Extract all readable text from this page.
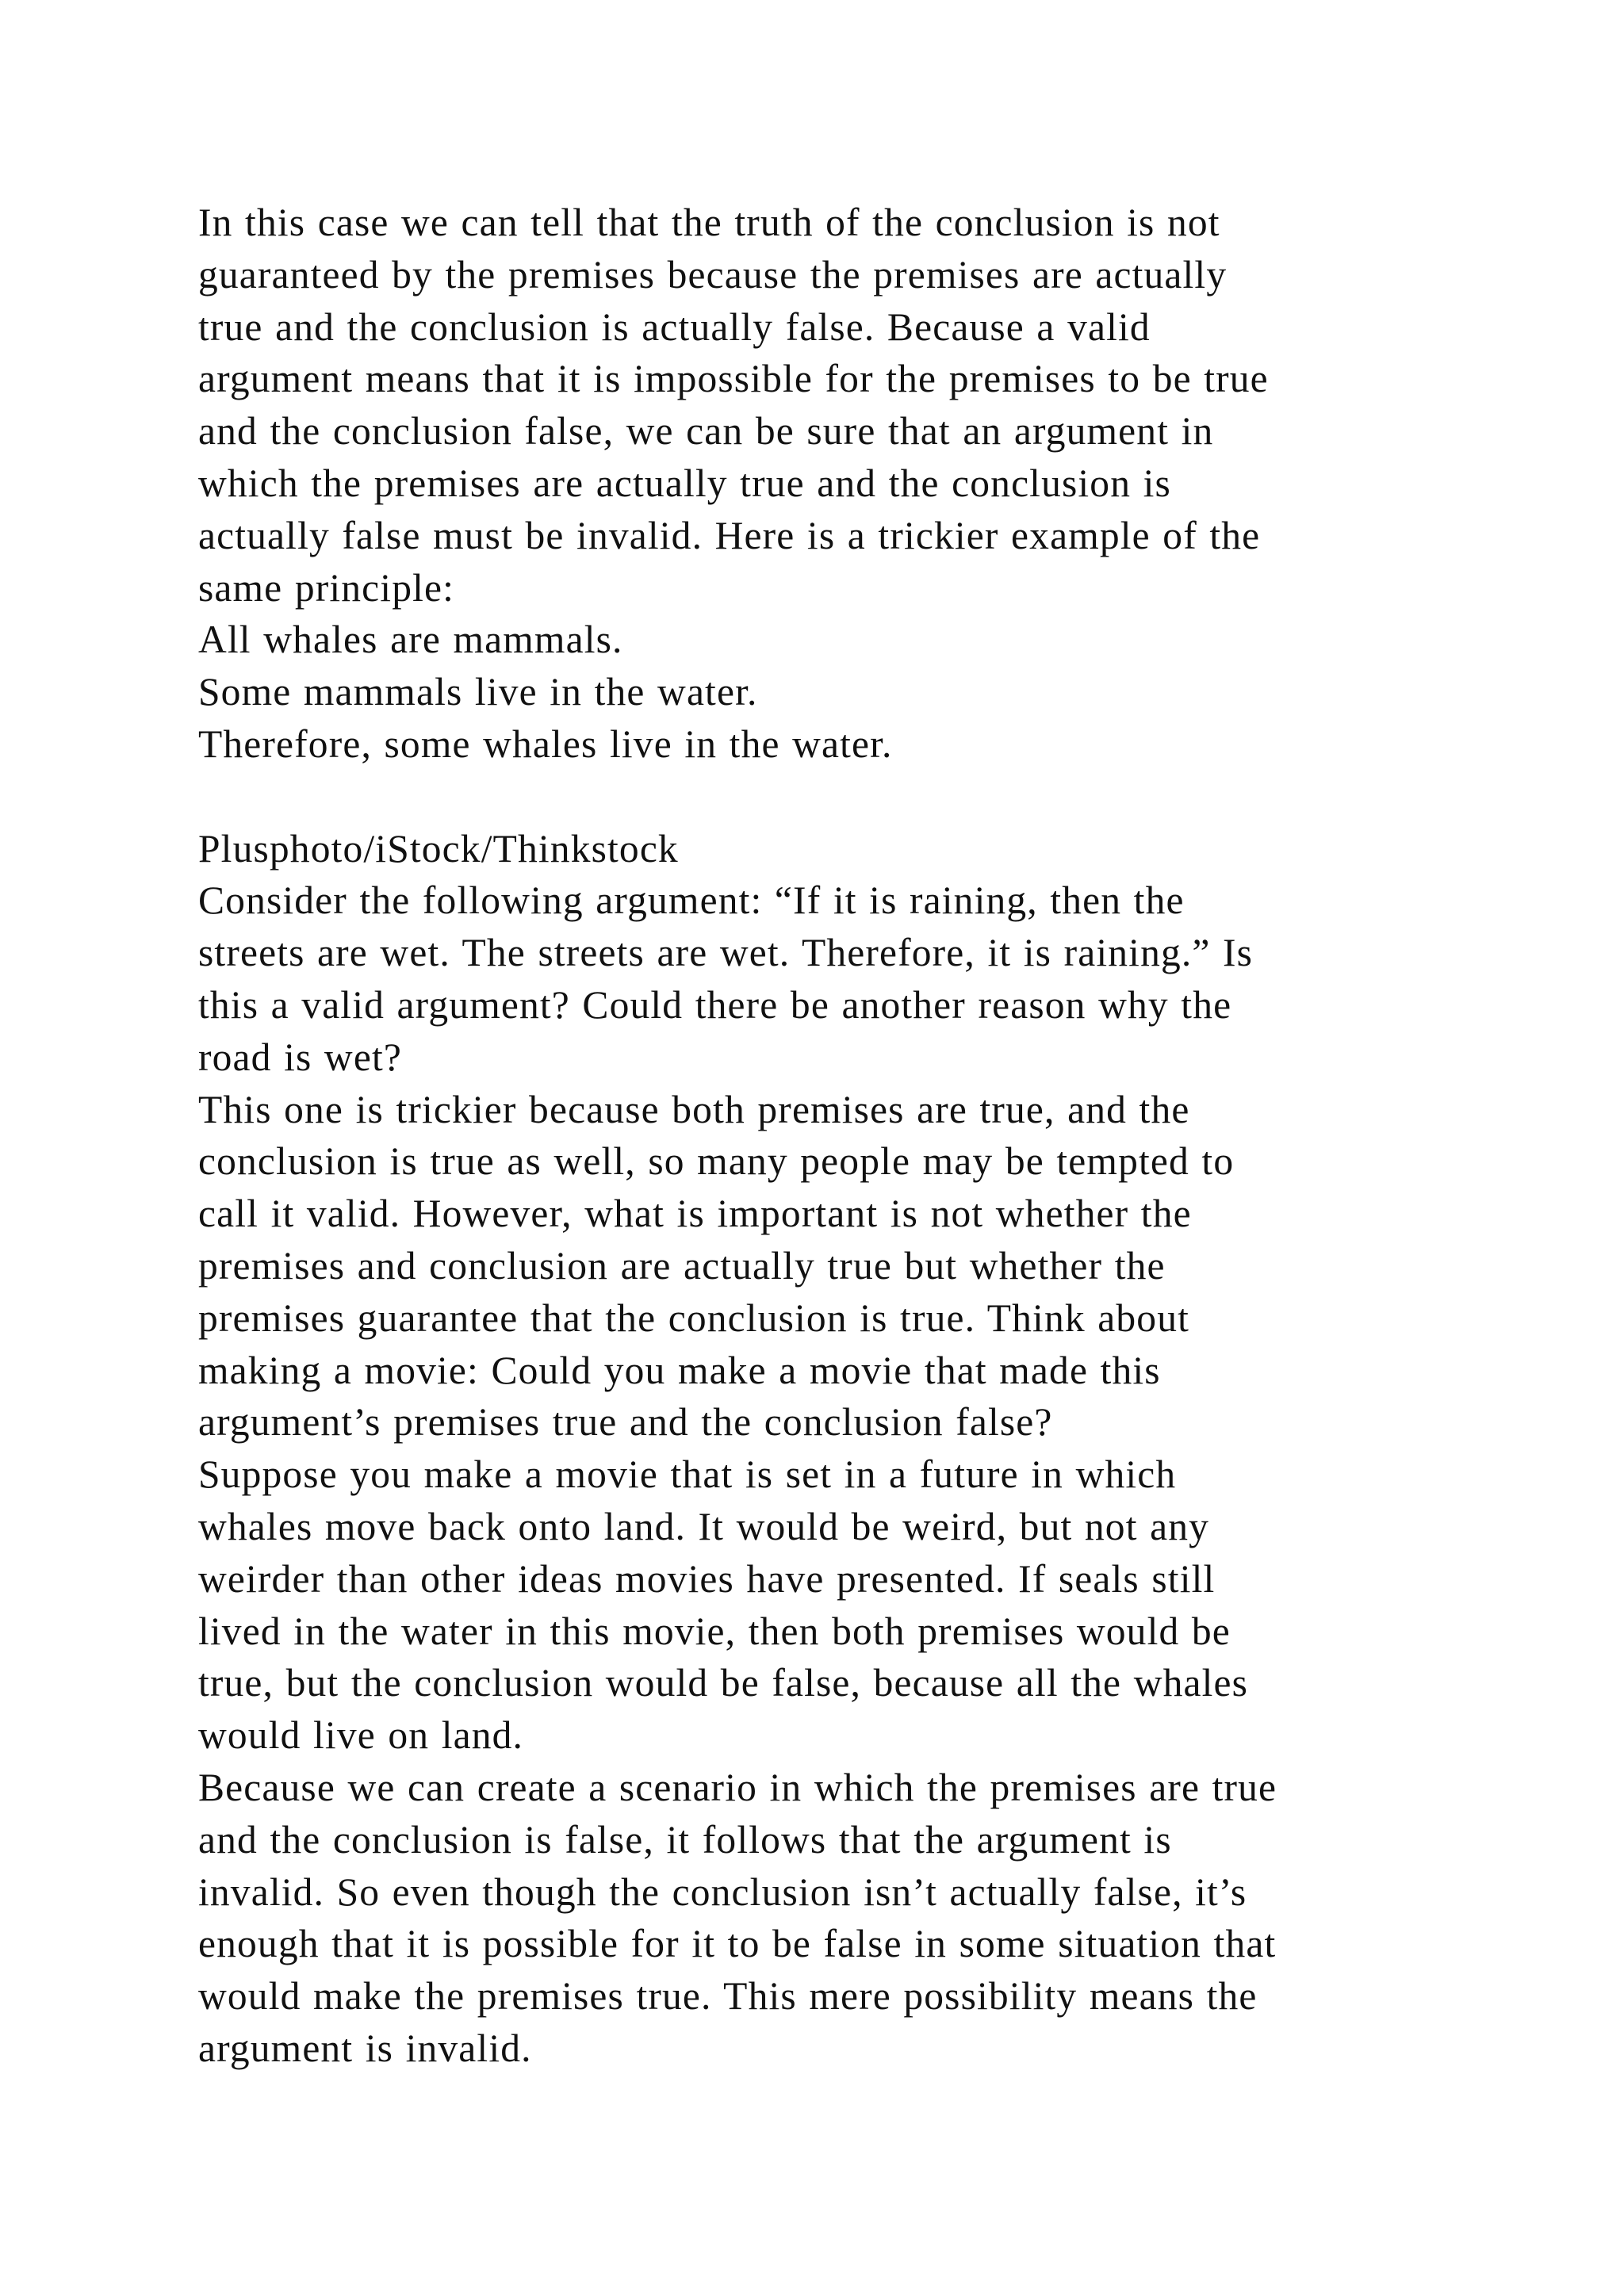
In this case we can tell that the truth of the conclusion is not
guaranteed by the premises because the premises are actually
true and the conclusion is actually false. Because a valid
argument means that it is impossible for the premises to be true
and the conclusion false, we can be sure that an argument in
which the premises are actually true and the conclusion is
actually false must be invalid. Here is a trickier example of the
same principle:
All whales are mammals.
Some mammals live in the water.
Therefore, some whales live in the water.
Plusphoto/iStock/Thinkstock
Consider the following argument: “If it is raining, then the
streets are wet. The streets are wet. Therefore, it is raining.” Is
this a valid argument? Could there be another reason why the
road is wet?
This one is trickier because both premises are true, and the
conclusion is true as well, so many people may be tempted to
call it valid. However, what is important is not whether the
premises and conclusion are actually true but whether the
premises guarantee that the conclusion is true. Think about
making a movie: Could you make a movie that made this
argument’s premises true and the conclusion false?
Suppose you make a movie that is set in a future in which
whales move back onto land. It would be weird, but not any
weirder than other ideas movies have presented. If seals still
lived in the water in this movie, then both premises would be
true, but the conclusion would be false, because all the whales
would live on land.
Because we can create a scenario in which the premises are true
and the conclusion is false, it follows that the argument is
invalid. So even though the conclusion isn’t actually false, it’s
enough that it is possible for it to be false in some situation that
would make the premises true. This mere possibility means the
argument is invalid.
